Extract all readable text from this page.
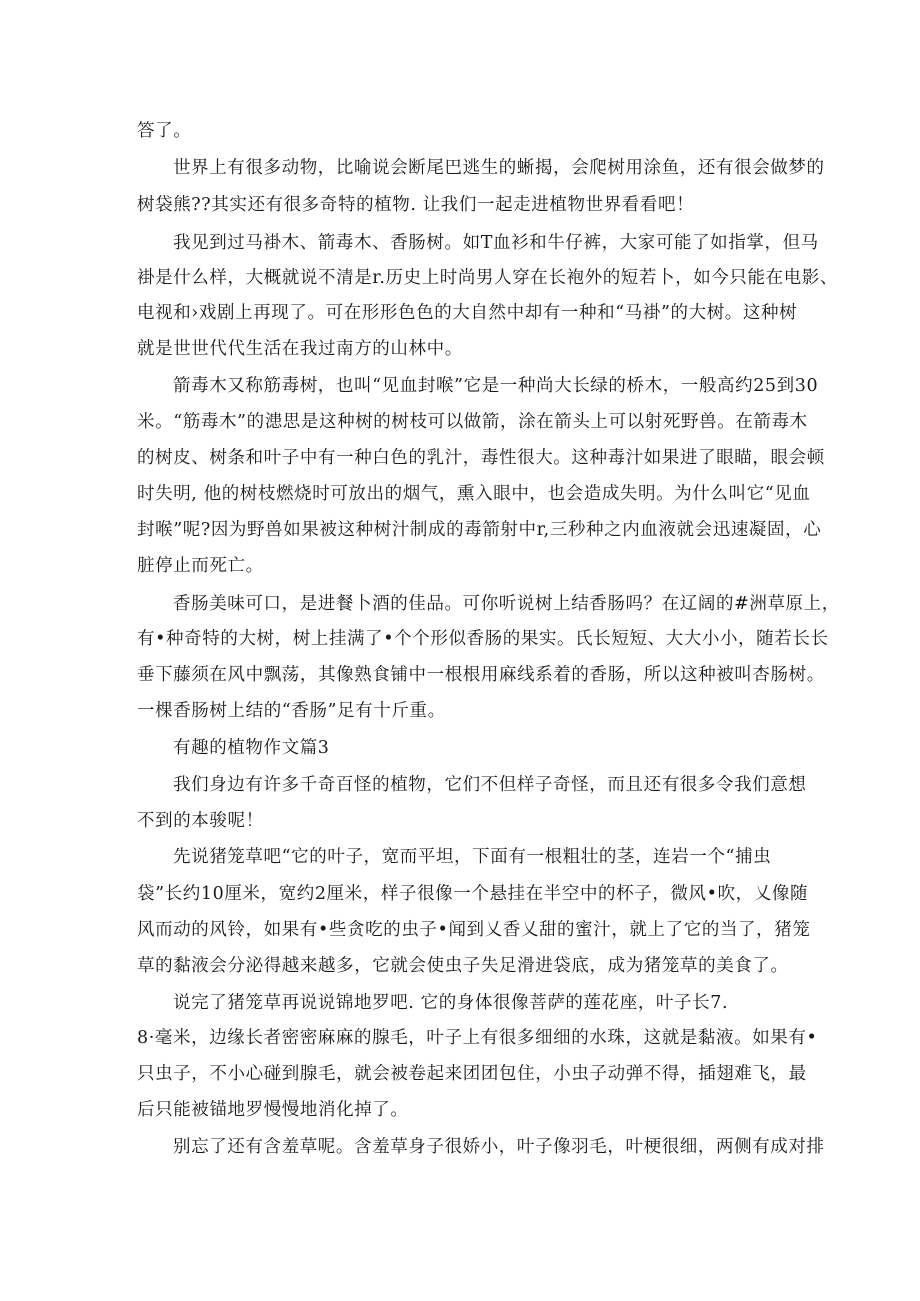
答了。
世界上有很多动物，比喻说会断尾巴逃生的蜥揭，会爬树用涂鱼，还有很会做梦的
树袋熊??其实还有很多奇特的植物. 让我们一起走进植物世界看看吧！
我见到过马褂木、箭毒木、香肠树。如T血衫和牛仔裤，大家可能了如指掌，但马
褂是什么样，大概就说不清是r.历史上时尚男人穿在长袍外的短若卜，如今只能在电影、
电视和›戏剧上再现了。可在形形色色的大自然中却有一种和“马褂”的大树。这种树
就是世世代代生活在我过南方的山林中。
箭毒木又称筋毒树，也叫“见血封喉”它是一种尚大长绿的桥木，一般高约25到30
米。“筋毒木”的漶思是这种树的树枝可以做箭，涂在箭头上可以射死野兽。在箭毒木
的树皮、树条和叶子中有一种白色的乳汁，毒性很大。这种毒汁如果进了眼瞄，眼会顿
时失明, 他的树枝燃烧时可放出的烟气，熏入眼中，也会造成失明。为什么叫它“见血
封喉”呢?因为野兽如果被这种树汁制成的毒箭射中r,三秒种之内血液就会迅速凝固，心
脏停止而死亡。
香肠美味可口，是进餐卜酒的佳品。可你听说树上结香肠吗？在辽阔的#洲草原上，
有•种奇特的大树，树上挂满了•个个形似香肠的果实。氏长短短、大大小小，随若长长
垂下藤须在风中飘荡，其像熟食铺中一根根用麻线系着的香肠，所以这种被叫杏肠树。
一棵香肠树上结的“香肠”足有十斤重。
有趣的植物作文篇3
我们身边有许多千奇百怪的植物，它们不但样子奇怪，而且还有很多令我们意想
不到的本骏呢！
先说猪笼草吧“它的叶子，宽而平坦，下面有一根粗壮的茎，连岩一个“捕虫
袋”长约10厘米，宽约2厘米，样子很像一个悬挂在半空中的杯子，微风•吹，乂像随
风而动的风铃，如果有•些贪吃的虫子•闻到乂香乂甜的蜜汁，就上了它的当了，猪笼
草的黏液会分泌得越来越多，它就会使虫子失足滑进袋底，成为猪笼草的美食了。
说完了猪笼草再说说锦地罗吧. 它的身体很像菩萨的莲花座，叶子长7.
8·毫米，边缘长者密密麻麻的腺毛，叶子上有很多细细的水珠，这就是黏液。如果有•
只虫子，不小心碰到腺毛，就会被卷起来团团包住，小虫子动弹不得，插翅难飞，最
后只能被锚地罗慢慢地消化掉了。
别忘了还有含羞草呢。含羞草身子很娇小，叶子像羽毛，叶梗很细，两侧有成对排
